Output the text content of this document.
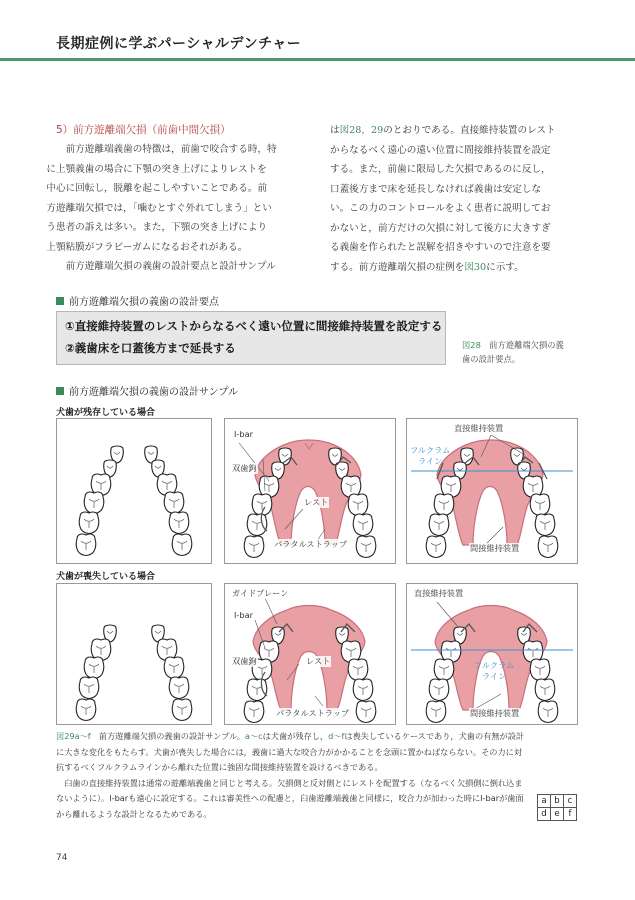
長期症例に学ぶパーシャルデンチャー
5）前方遊離端欠損（前歯中間欠損）

前方遊離端義歯の特徴は，前歯で咬合する時，特
に上顎義歯の場合に下顎の突き上げによりレストを
中心に回転し，脱離を起こしやすいことである。前
方遊離端欠損では，「噛むとすぐ外れてしまう」とい
う患者の訴えは多い。また，下顎の突き上げにより
上顎粘膜がフラビーガムになるおそれがある。

前方遊離端欠損の義歯の設計要点と設計サンプル

は図28，29のとおりである。直接維持装置のレスト
からなるべく遠心の遠い位置に間接維持装置を設定
する。また，前歯に限局した欠損であるのに反し，
口蓋後方まで床を延長しなければ義歯は安定しな
い。この力のコントロールをよく患者に説明してお
かないと，前方だけの欠損に対して後方に大きすぎ
る義歯を作られたと誤解を招きやすいので注意を要
する。前方遊離端欠損の症例を図30に示す。
前方遊離端欠損の義歯の設計要点
①直接維持装置のレストからなるべく遠い位置に間接維持装置を設定する
②義歯床を口蓋後方まで延長する	図28　 前方遊離端欠損の義
歯の設計要点。
前方遊離端欠損の義歯の設計サンプル
犬歯が残存している場合
犬歯が喪失している場合
I-bar
双歯鉤
レスト
パラタルストラップ
直接維持装置
フルクラム
ライン
間接維持装置
ガイドプレーン
I-bar
双歯鉤	レスト
パラタルストラップ
直接維持装置
フルクラム
ライン
間接維持装置

図29a〜f　 前方遊離端欠損の義歯の設計サンプル。a〜cは犬歯が残存し，d〜fは喪失しているケースであり，犬歯の有無が設計

に大きな変化をもたらす。犬歯が喪失した場合には，義歯に過大な咬合力がかかることを念頭に置かねばならない。その力に対

抗するべくフルクラムラインから離れた位置に強固な間接維持装置を設けるべきである。

臼歯の直接維持装置は通常の遊離端義歯と同じと考える。欠損側と反対側とにレストを配置する（なるべく欠損側に倒れ込ま

ないように）。I-barも遠心に設定する。これは審美性への配慮と，臼歯遊離端義歯と同様に，咬合力が加わった時にI-barが歯面

から離れるような設計となるためである。

a	b	c
d	e	f
74
